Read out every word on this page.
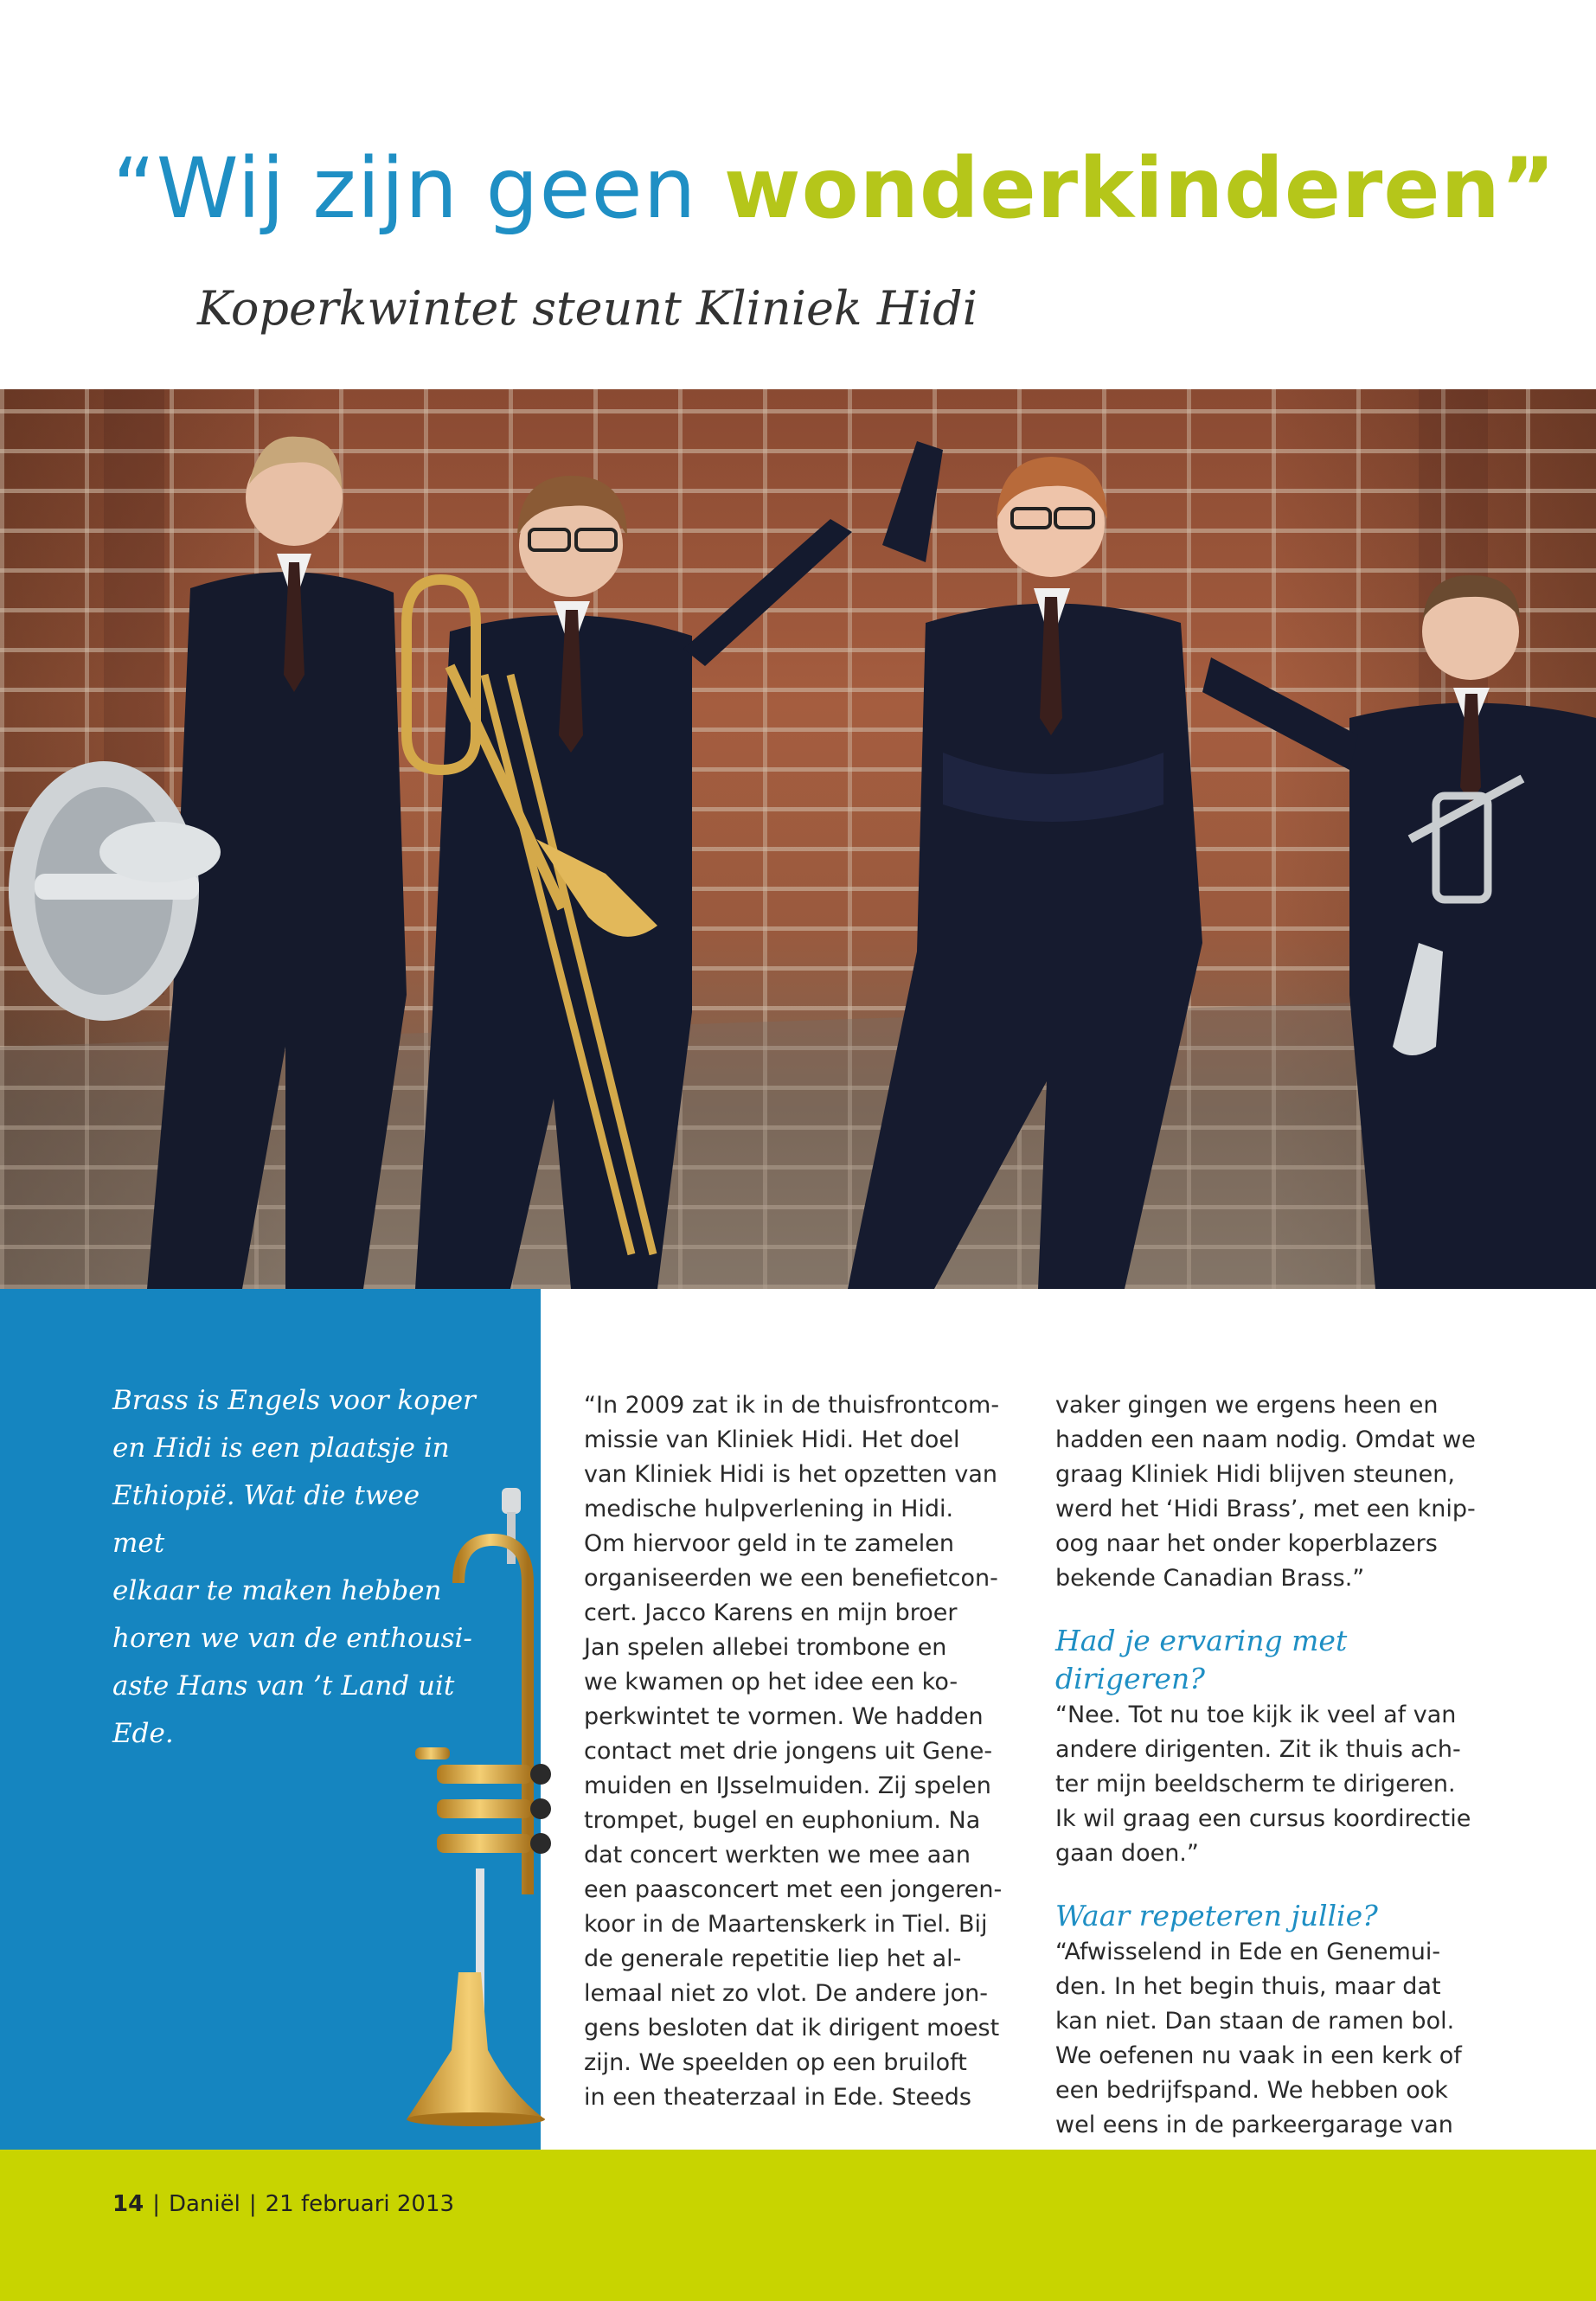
“Wij zijn geen wonderkinderen”
Koperkwintet steunt Kliniek Hidi

Brass is Engels voor koper
en Hidi is een plaatsje in
Ethiopië. Wat die twee met
elkaar te maken hebben
horen we van de enthousi-
aste Hans van ’t Land uit
Ede.

“In 2009 zat ik in de thuisfrontcom-
missie van Kliniek Hidi. Het doel
van Kliniek Hidi is het opzetten van
medische hulpverlening in Hidi.
Om hiervoor geld in te zamelen
organiseerden we een benefietcon-
cert. Jacco Karens en mijn broer
Jan spelen allebei trombone en
we kwamen op het idee een ko-
perkwintet te vormen. We hadden
contact met drie jongens uit Gene-
muiden en IJsselmuiden. Zij spelen
trompet, bugel en euphonium. Na
dat concert werkten we mee aan
een paasconcert met een jongeren-
koor in de Maartenskerk in Tiel. Bij
de generale repetitie liep het al-
lemaal niet zo vlot. De andere jon-
gens besloten dat ik dirigent moest
zijn. We speelden op een bruiloft
in een theaterzaal in Ede. Steeds

vaker gingen we ergens heen en
hadden een naam nodig. Omdat we
graag Kliniek Hidi blijven steunen,
werd het ‘Hidi Brass’, met een knip-
oog naar het onder koperblazers
bekende Canadian Brass.”

Had je ervaring met dirigeren?

“Nee. Tot nu toe kijk ik veel af van
andere dirigenten. Zit ik thuis ach-
ter mijn beeldscherm te dirigeren.
Ik wil graag een cursus koordirectie
gaan doen.”

Waar repeteren jullie?

“Afwisselend in Ede en Genemui-
den. In het begin thuis, maar dat
kan niet. Dan staan de ramen bol.
We oefenen nu vaak in een kerk of
een bedrijfspand. We hebben ook
wel eens in de parkeergarage van

14 | Daniël | 21 februari 2013
